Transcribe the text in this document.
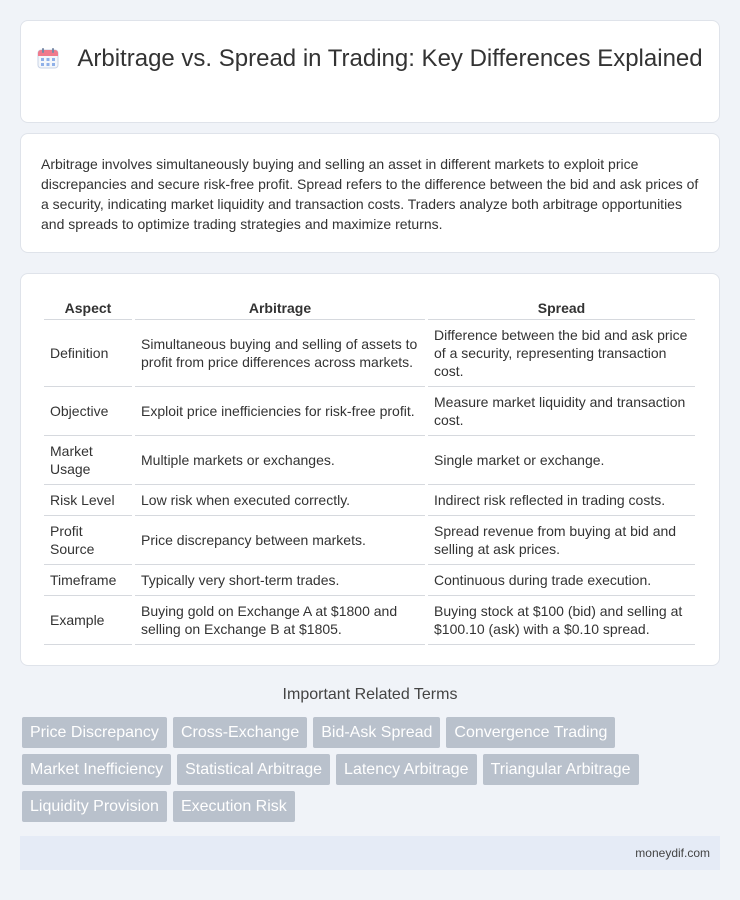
Arbitrage vs. Spread in Trading: Key Differences Explained

Arbitrage involves simultaneously buying and selling an asset in different markets to exploit price discrepancies and secure risk-free profit. Spread refers to the difference between the bid and ask prices of a security, indicating market liquidity and transaction costs. Traders analyze both arbitrage opportunities and spreads to optimize trading strategies and maximize returns.

Aspect	Arbitrage	Spread
Definition	Simultaneous buying and selling of assets to profit from price differences across markets.	Difference between the bid and ask price of a security, representing transaction cost.
Objective	Exploit price inefficiencies for risk-free profit.	Measure market liquidity and transaction cost.
Market Usage	Multiple markets or exchanges.	Single market or exchange.
Risk Level	Low risk when executed correctly.	Indirect risk reflected in trading costs.
Profit Source	Price discrepancy between markets.	Spread revenue from buying at bid and selling at ask prices.
Timeframe	Typically very short-term trades.	Continuous during trade execution.
Example	Buying gold on Exchange A at $1800 and selling on Exchange B at $1805.	Buying stock at $100 (bid) and selling at $100.10 (ask) with a $0.10 spread.
Important Related Terms
Price Discrepancy	Cross-Exchange	Bid-Ask Spread	Convergence Trading
Market Inefficiency	Statistical Arbitrage	Latency Arbitrage	Triangular Arbitrage
Liquidity Provision	Execution Risk
moneydif.com
